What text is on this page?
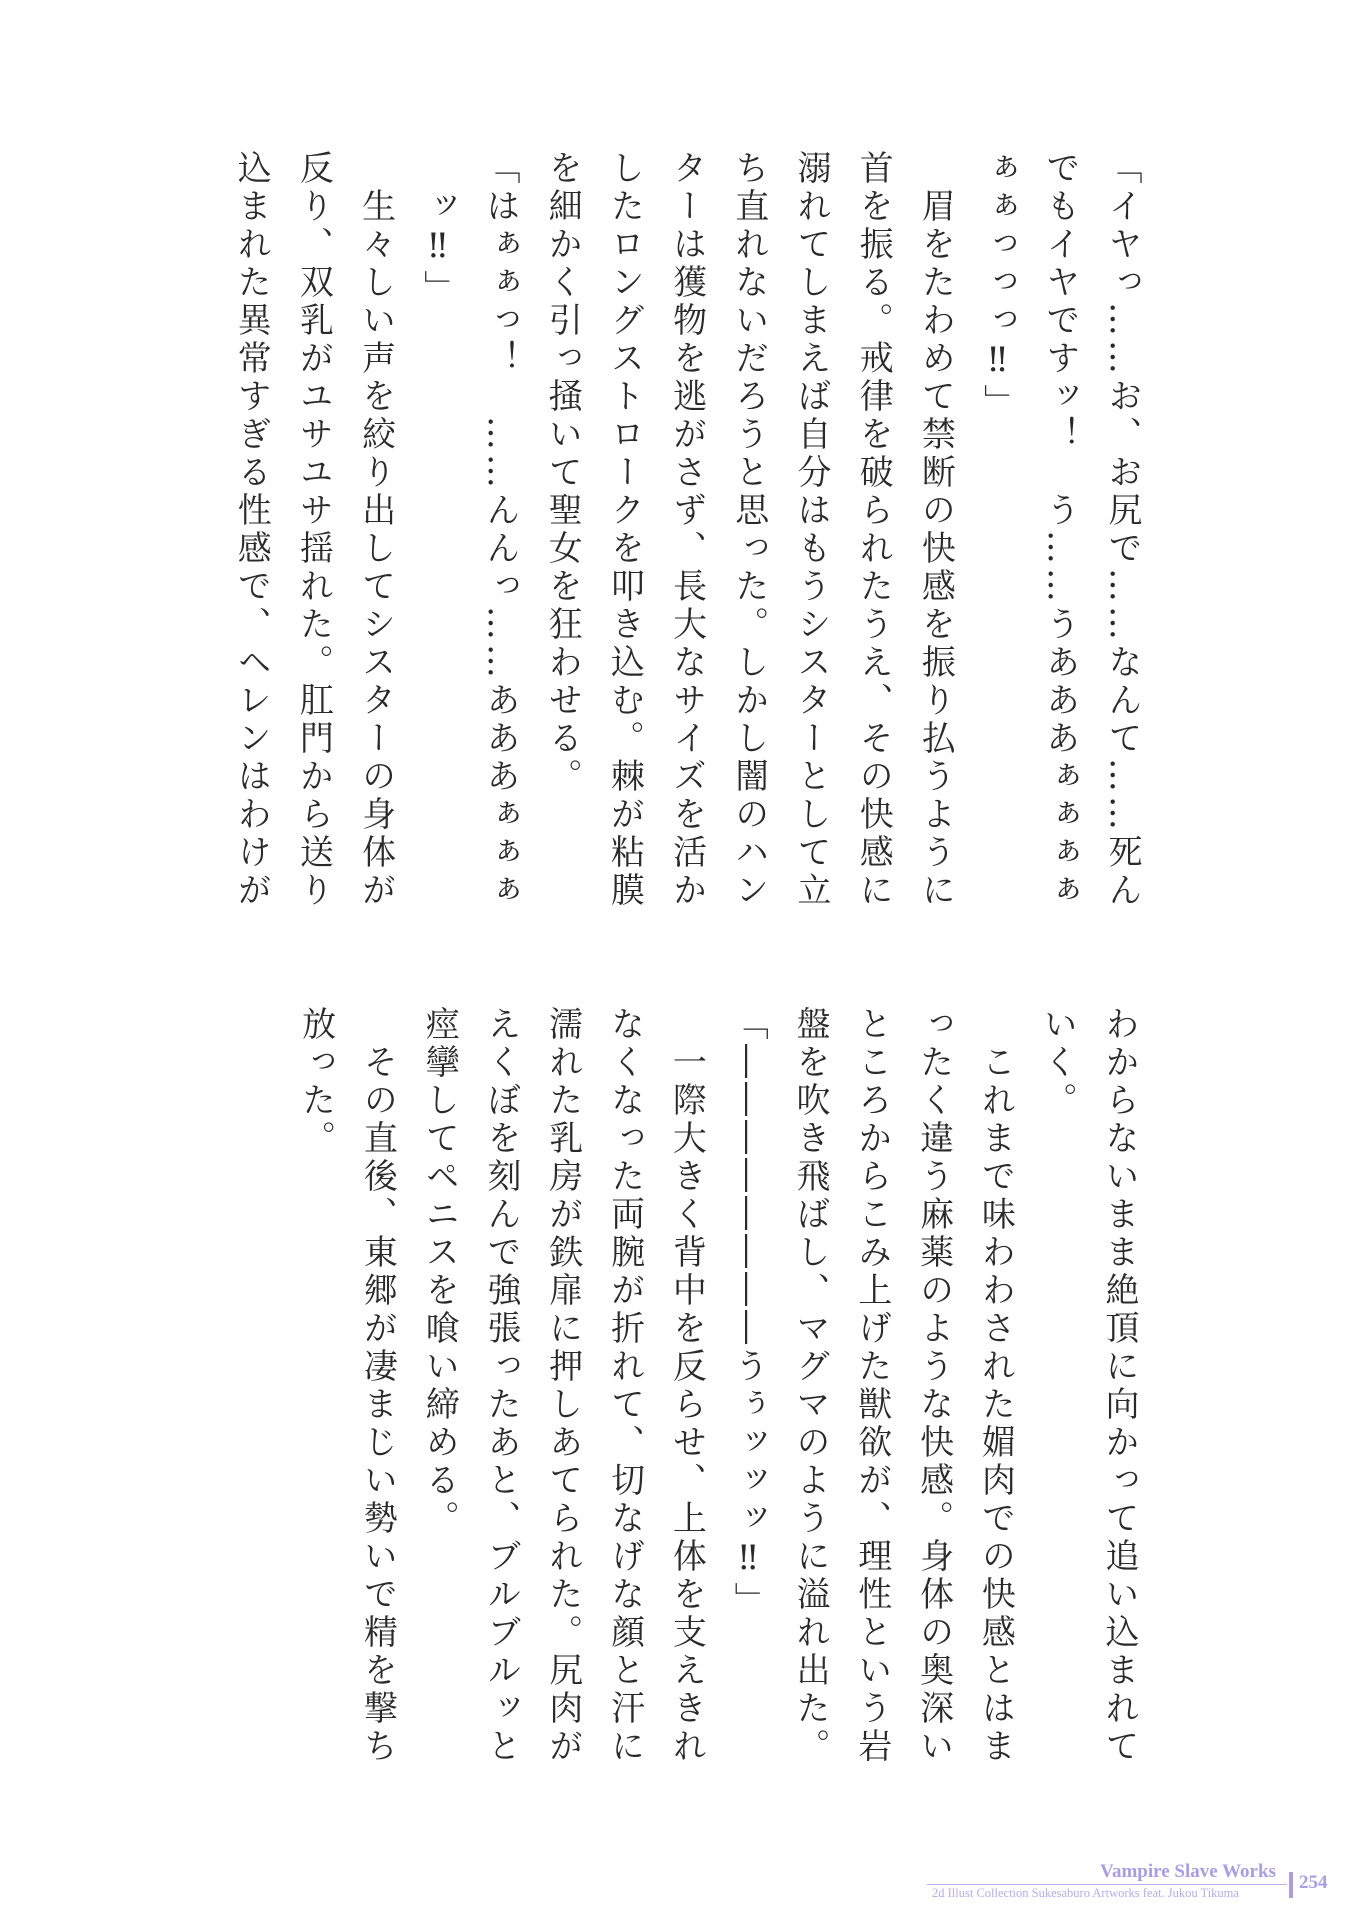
「イヤっ……お、お尻で……なんて……死ん
でもイヤですッ！　う……うあああぁぁぁぁ
ぁぁっっっ‼」
　眉をたわめて禁断の快感を振り払うように
首を振る。戒律を破られたうえ、その快感に
溺れてしまえば自分はもうシスターとして立
ち直れないだろうと思った。しかし闇のハン
ターは獲物を逃がさず、長大なサイズを活か
したロングストロークを叩き込む。棘が粘膜
を細かく引っ掻いて聖女を狂わせる。
「はぁぁっ！　……んんっ……あああぁぁぁ
　ッ‼」
　生々しい声を絞り出してシスターの身体が
反り、双乳がユサユサ揺れた。肛門から送り
込まれた異常すぎる性感で、ヘレンはわけが
わからないまま絶頂に向かって追い込まれて
いく。
　これまで味わわされた媚肉での快感とはま
ったく違う麻薬のような快感。身体の奥深い
ところからこみ上げた獣欲が、理性という岩
盤を吹き飛ばし、マグマのように溢れ出た。
「――――――――うぅッッッ‼」
　一際大きく背中を反らせ、上体を支えきれ
なくなった両腕が折れて、切なげな顔と汗に
濡れた乳房が鉄扉に押しあてられた。尻肉が
えくぼを刻んで強張ったあと、ブルブルッと
痙攣してペニスを喰い締める。
　その直後、東郷が凄まじい勢いで精を撃ち
放った。
Vampire Slave Works
2d Illust Collection Sukesaburo Artworks feat. Jukou Tikuma	254
